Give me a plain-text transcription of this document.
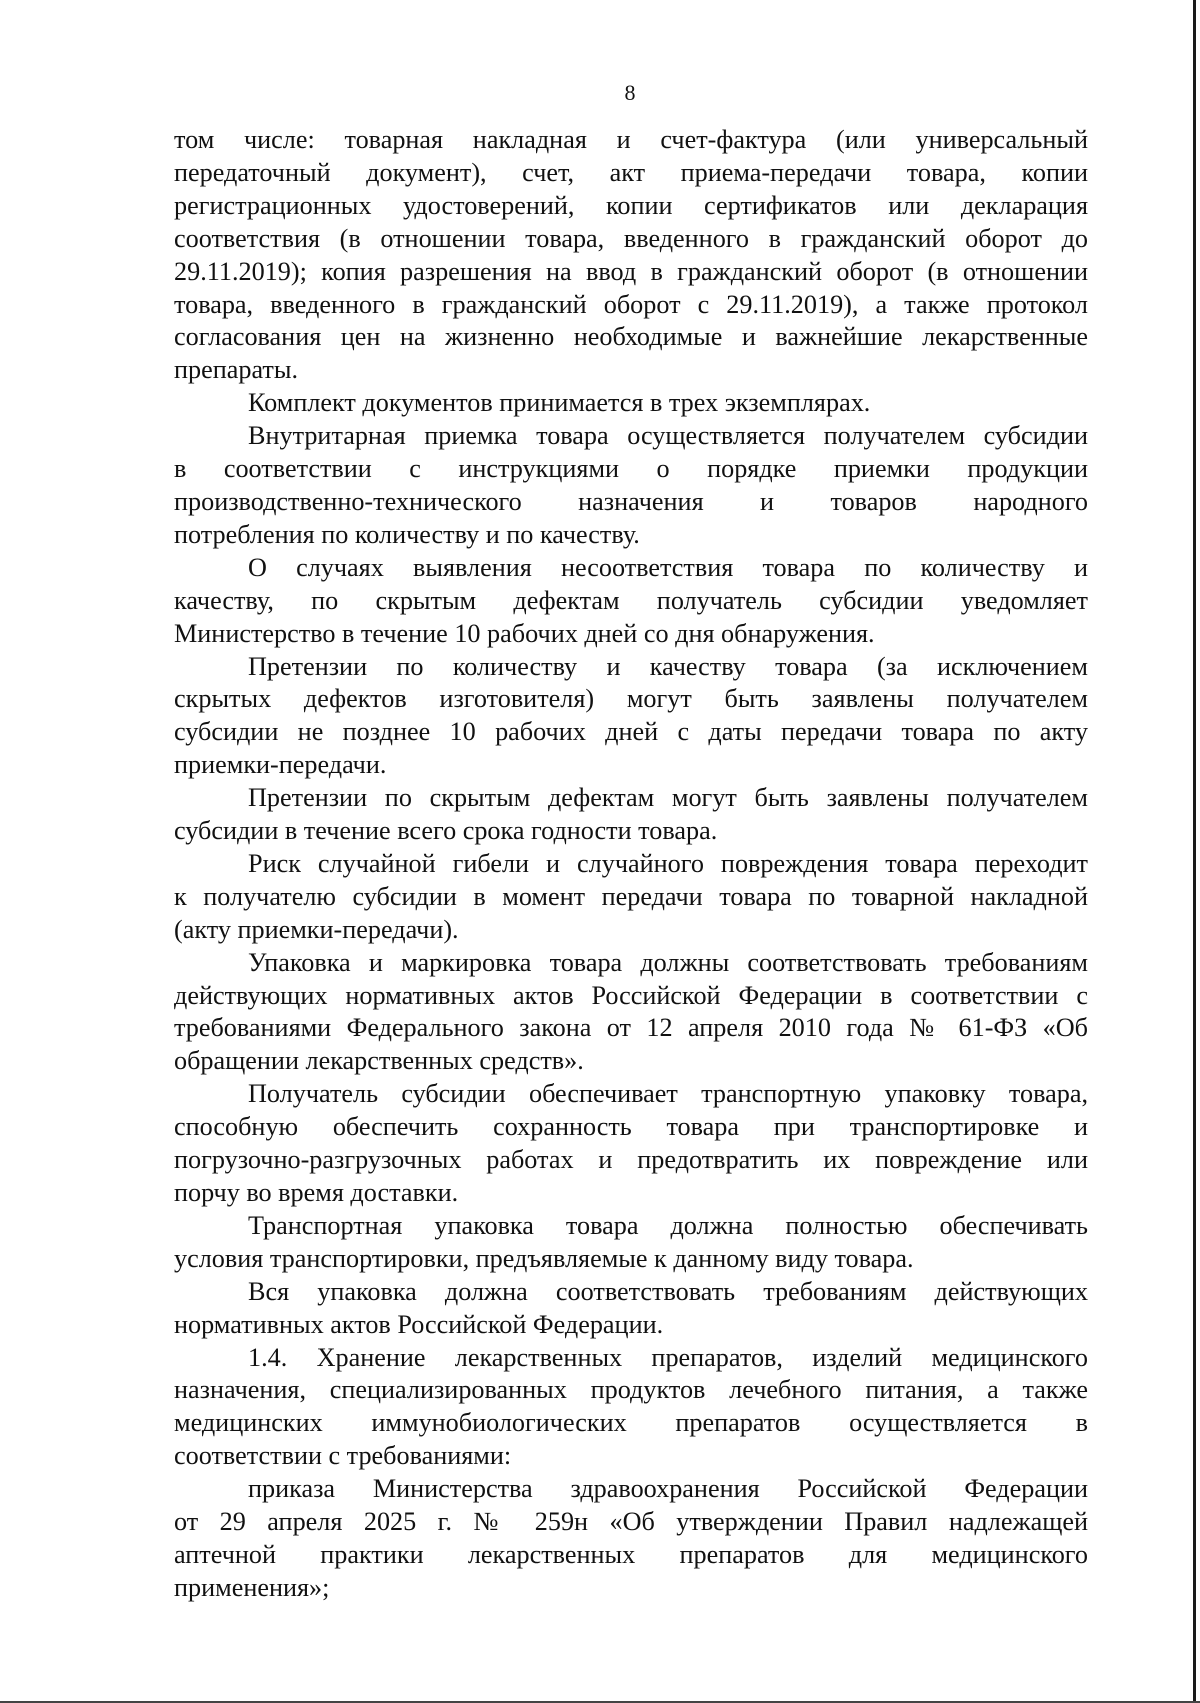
8

том числе: товарная накладная и счет-фактура (или универсальный
передаточный документ), счет, акт приема-передачи товара, копии
регистрационных удостоверений, копии сертификатов или декларация
соответствия (в отношении товара, введенного в гражданский оборот до
29.11.2019); копия разрешения на ввод в гражданский оборот (в отношении
товара, введенного в гражданский оборот с 29.11.2019), а также протокол
согласования цен на жизненно необходимые и важнейшие лекарственные
препараты.

Комплект документов принимается в трех экземплярах.

Внутритарная приемка товара осуществляется получателем субсидии
в соответствии с инструкциями о порядке приемки продукции
производственно-технического назначения и товаров народного
потребления по количеству и по качеству.

О случаях выявления несоответствия товара по количеству и
качеству, по скрытым дефектам получатель субсидии уведомляет
Министерство в течение 10 рабочих дней со дня обнаружения.

Претензии по количеству и качеству товара (за исключением
скрытых дефектов изготовителя) могут быть заявлены получателем
субсидии не позднее 10 рабочих дней с даты передачи товара по акту
приемки-передачи.

Претензии по скрытым дефектам могут быть заявлены получателем
субсидии в течение всего срока годности товара.

Риск случайной гибели и случайного повреждения товара переходит
к получателю субсидии в момент передачи товара по товарной накладной
(акту приемки-передачи).

Упаковка и маркировка товара должны соответствовать требованиям
действующих нормативных актов Российской Федерации в соответствии с
требованиями Федерального закона от 12 апреля 2010 года № 61-ФЗ «Об
обращении лекарственных средств».

Получатель субсидии обеспечивает транспортную упаковку товара,
способную обеспечить сохранность товара при транспортировке и
погрузочно-разгрузочных работах и предотвратить их повреждение или
порчу во время доставки.

Транспортная упаковка товара должна полностью обеспечивать
условия транспортировки, предъявляемые к данному виду товара.

Вся упаковка должна соответствовать требованиям действующих
нормативных актов Российской Федерации.

1.4. Хранение лекарственных препаратов, изделий медицинского
назначения, специализированных продуктов лечебного питания, а также
медицинских иммунобиологических препаратов осуществляется в
соответствии с требованиями:

приказа Министерства здравоохранения Российской Федерации
от 29 апреля 2025 г. № 259н «Об утверждении Правил надлежащей
аптечной практики лекарственных препаратов для медицинского
применения»;
